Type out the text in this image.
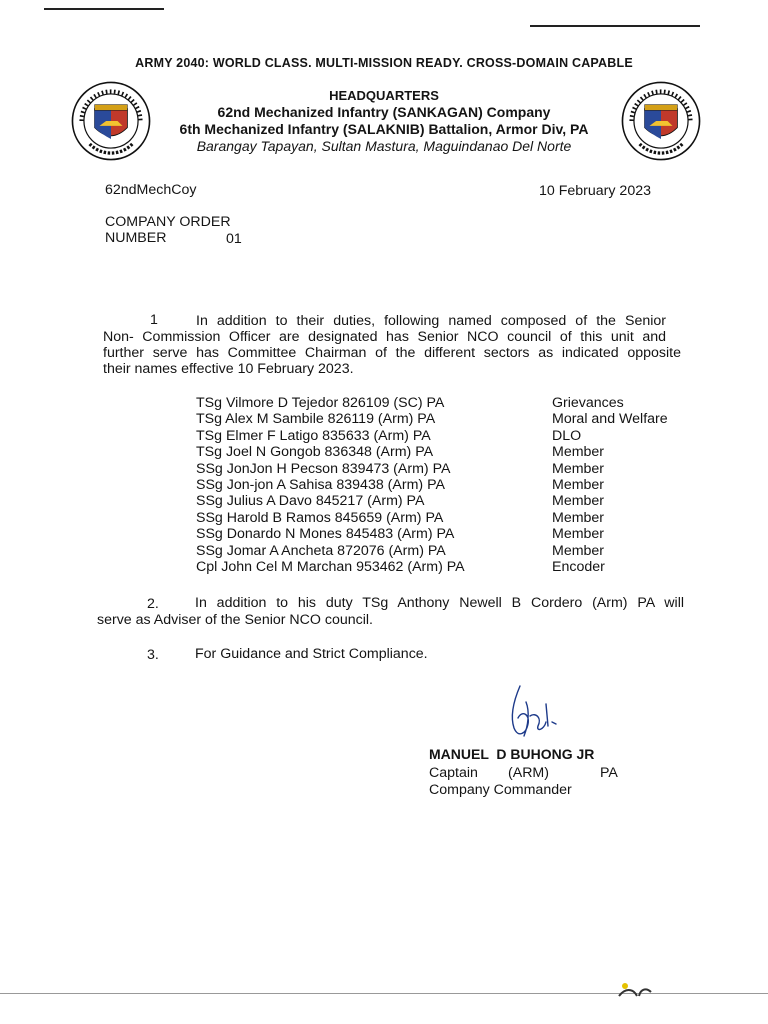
ARMY 2040: WORLD CLASS. MULTI-MISSION READY. CROSS-DOMAIN CAPABLE
HEADQUARTERS
62nd Mechanized Infantry (SANKAGAN) Company
6th Mechanized Infantry (SALAKNIB) Battalion, Armor Div, PA
Barangay Tapayan, Sultan Mastura, Maguindanao Del Norte
62ndMechCoy	10 February 2023
COMPANY ORDER
NUMBER	01
1	In addition to their duties, following named composed of the Senior
Non- Commission Officer are designated has Senior NCO council of this unit and
further serve has Committee Chairman of the different sectors as indicated opposite
their names effective 10 February 2023.
TSg Vilmore D Tejedor 826109 (SC) PA	Grievances
TSg Alex M Sambile 826119 (Arm) PA	Moral and Welfare
TSg Elmer F Latigo 835633 (Arm) PA	DLO
TSg Joel N Gongob 836348 (Arm) PA	Member
SSg JonJon H Pecson 839473 (Arm) PA	Member
SSg Jon-jon A Sahisa 839438 (Arm) PA	Member
SSg Julius A Davo 845217 (Arm) PA	Member
SSg Harold B Ramos 845659 (Arm) PA	Member
SSg Donardo N Mones 845483 (Arm) PA	Member
SSg Jomar A Ancheta 872076 (Arm) PA	Member
Cpl John Cel M Marchan 953462 (Arm) PA	Encoder
2.	In addition to his duty TSg Anthony Newell B Cordero (Arm) PA will
serve as Adviser of the Senior NCO council.
3.	For Guidance and Strict Compliance.
MANUEL  D BUHONG JR
Captain (ARM)	PA
Company Commander
